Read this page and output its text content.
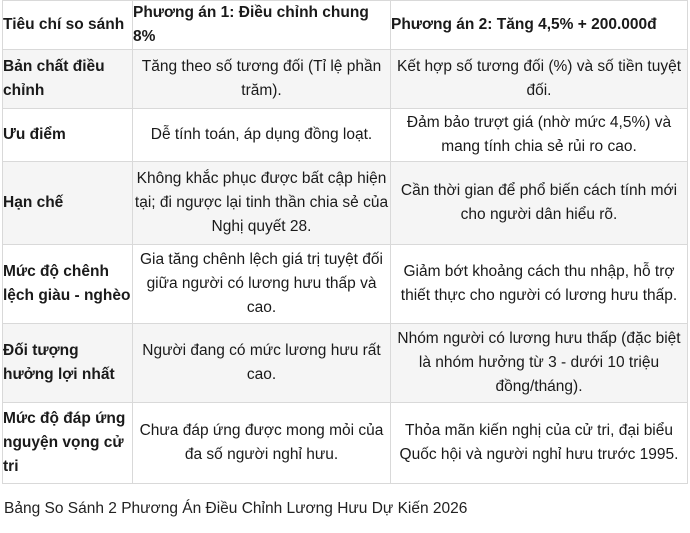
Tiêu chí so sánh	Phương án 1: Điều chỉnh chung 8%	Phương án 2: Tăng 4,5% + 200.000đ
Bản chất điều chỉnh	Tăng theo số tương đối (Tỉ lệ phần trăm).	Kết hợp số tương đối (%) và số tiền tuyệt đối.
Ưu điểm	Dễ tính toán, áp dụng đồng loạt.	Đảm bảo trượt giá (nhờ mức 4,5%) và mang tính chia sẻ rủi ro cao.
Hạn chế	Không khắc phục được bất cập hiện tại; đi ngược lại tinh thần chia sẻ của Nghị quyết 28.	Cần thời gian để phổ biến cách tính mới cho người dân hiểu rõ.
Mức độ chênh lệch giàu - nghèo	Gia tăng chênh lệch giá trị tuyệt đối giữa người có lương hưu thấp và cao.	Giảm bớt khoảng cách thu nhập, hỗ trợ thiết thực cho người có lương hưu thấp.
Đối tượng hưởng lợi nhất	Người đang có mức lương hưu rất cao.	Nhóm người có lương hưu thấp (đặc biệt là nhóm hưởng từ 3 - dưới 10 triệu đồng/tháng).
Mức độ đáp ứng nguyện vọng cử tri	Chưa đáp ứng được mong mỏi của đa số người nghỉ hưu.	Thỏa mãn kiến nghị của cử tri, đại biểu Quốc hội và người nghỉ hưu trước 1995.
Bảng So Sánh 2 Phương Án Điều Chỉnh Lương Hưu Dự Kiến 2026
